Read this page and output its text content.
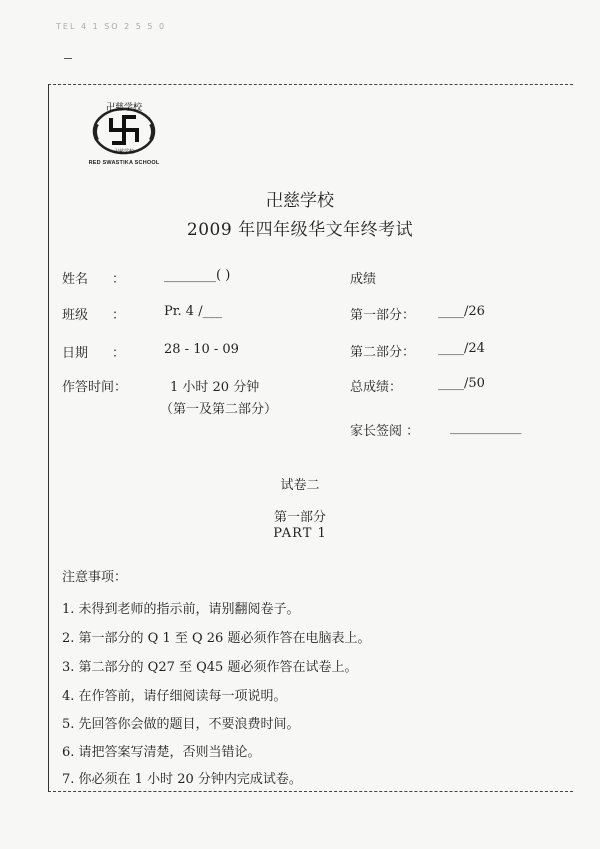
TEL 4 1 SO 2 5 5 0
卍慈学校
卍慈学校
RED SWASTIKA SCHOOL
卍慈学校
2009 年四年级华文年终考试
姓名 ：	________( )
班级 ：	Pr. 4 /___
日期 ：	28 - 10 - 09
作答时间：	1 小时 20 分钟
（第一及第二部分）
成绩
第一部分： ____/26
第二部分： ____/24
总成绩：	____/50
家长签阅 ： ___________
试卷二
第一部分
PART 1
注意事项：
1. 未得到老师的指示前，请别翻阅卷子。
2. 第一部分的 Q 1 至 Q 26 题必须作答在电脑表上。
3. 第二部分的 Q27 至 Q45 题必须作答在试卷上。
4. 在作答前，请仔细阅读每一项说明。
5. 先回答你会做的题目，不要浪费时间。
6. 请把答案写清楚，否则当错论。
7. 你必须在 1 小时 20 分钟内完成试卷。
